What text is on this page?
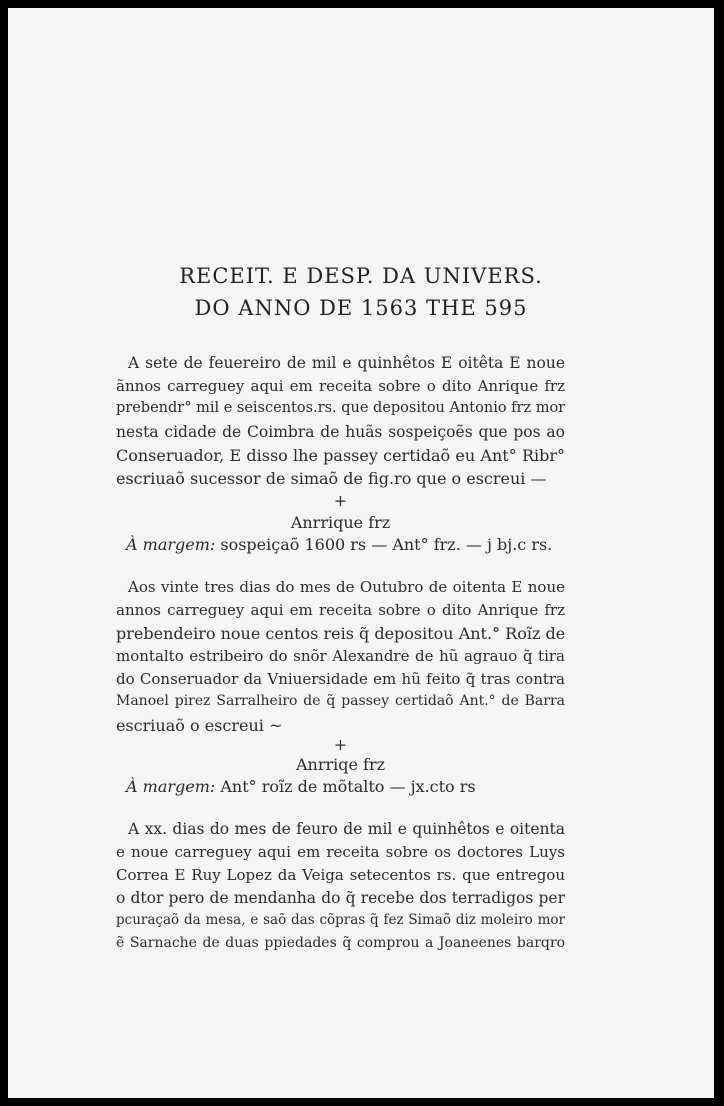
RECEIT. E DESP. DA UNIVERS.
DO ANNO DE 1563 THE 595
A sete de feuereiro de mil e quinhêtos E oitêta E noue
ãnnos carreguey aqui em receita sobre o dito Anrique frz
prebendr° mil e seiscentos.rs. que depositou Antonio frz mor
nesta cidade de Coimbra de huãs sospeiçoẽs que pos ao
Conseruador, E disso lhe passey certidaõ eu Ant° Ribr°
escriuaõ sucessor de simaõ de fig.ro que o escreui —
+
Anrrique frz
À margem: sospeiçaõ 1600 rs — Ant° frz. — j bj.c rs.
Aos vinte tres dias do mes de Outubro de oitenta E noue
annos carreguey aqui em receita sobre o dito Anrique frz
prebendeiro noue centos reis q̃ depositou Ant.° Roĩz de
montalto estribeiro do snõr Alexandre de hũ agrauo q̃ tira
do Conseruador da Vniuersidade em hũ feito q̃ tras contra
Manoel pirez Sarralheiro de q̃ passey certidaõ Ant.° de Barra
escriuaõ o escreui ~
+
Anrriqe frz
À margem: Ant° roĩz de mõtalto — jx.cto rs
A xx. dias do mes de feuro de mil e quinhêtos e oitenta
e noue carreguey aqui em receita sobre os doctores Luys
Correa E Ruy Lopez da Veiga setecentos rs. que entregou
o dtor pero de mendanha do q̃ recebe dos terradigos per
pcuraçaõ da mesa, e saõ das cõpras q̃ fez Simaõ diz moleiro mor
ẽ Sarnache de duas ppiedades q̃ comprou a Joaneenes barqro
